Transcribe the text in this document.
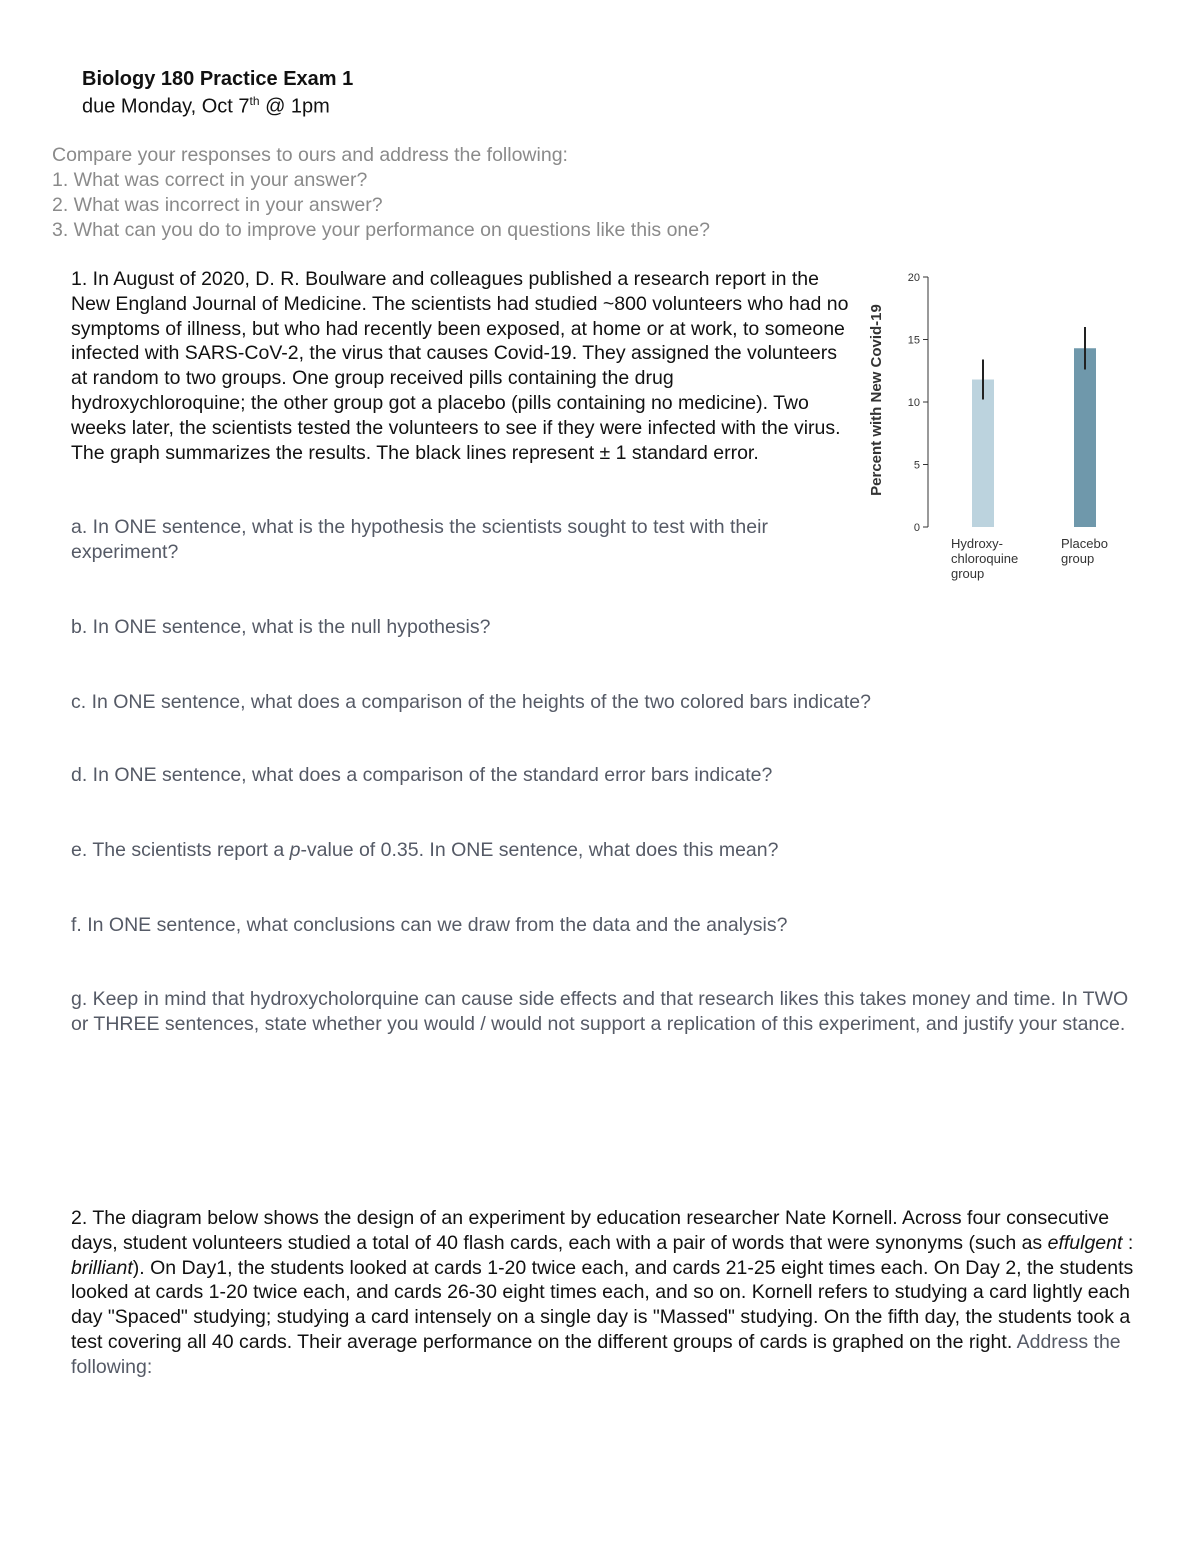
Biology 180 Practice Exam 1
due Monday, Oct 7th @ 1pm
Compare your responses to ours and address the following:
1. What was correct in your answer?
2. What was incorrect in your answer?
3. What can you do to improve your performance on questions like this one?
1. In August of 2020, D. R. Boulware and colleagues published a research report in the New England Journal of Medicine. The scientists had studied ~800 volunteers who had no symptoms of illness, but who had recently been exposed, at home or at work, to someone infected with SARS-CoV-2, the virus that causes Covid-19. They assigned the volunteers at random to two groups. One group received pills containing the drug hydroxychloroquine; the other group got a placebo (pills containing no medicine). Two weeks later, the scientists tested the volunteers to see if they were infected with the virus. The graph summarizes the results. The black lines represent ± 1 standard error.
a. In ONE sentence, what is the hypothesis the scientists sought to test with their experiment?
b. In ONE sentence, what is the null hypothesis?
c. In ONE sentence, what does a comparison of the heights of the two colored bars indicate?
d. In ONE sentence, what does a comparison of the standard error bars indicate?
e. The scientists report a p-value of 0.35. In ONE sentence, what does this mean?
f. In ONE sentence, what conclusions can we draw from the data and the analysis?
g. Keep in mind that hydroxycholorquine can cause side effects and that research likes this takes money and time. In TWO or THREE sentences, state whether you would / would not support a replication of this experiment, and justify your stance.
2. The diagram below shows the design of an experiment by education researcher Nate Kornell. Across four consecutive days, student volunteers studied a total of 40 flash cards, each with a pair of words that were synonyms (such as effulgent : brilliant). On Day1, the students looked at cards 1-20 twice each, and cards 21-25 eight times each. On Day 2, the students looked at cards 1-20 twice each, and cards 26-30 eight times each, and so on. Kornell refers to studying a card lightly each day "Spaced" studying; studying a card intensely on a single day is "Massed" studying. On the fifth day, the students took a test covering all 40 cards. Their average performance on the different groups of cards is graphed on the right. Address the following:
0
5
10
15
20
Percent with New Covid-19
Hydroxy-
chloroquine
group
Placebo
group
